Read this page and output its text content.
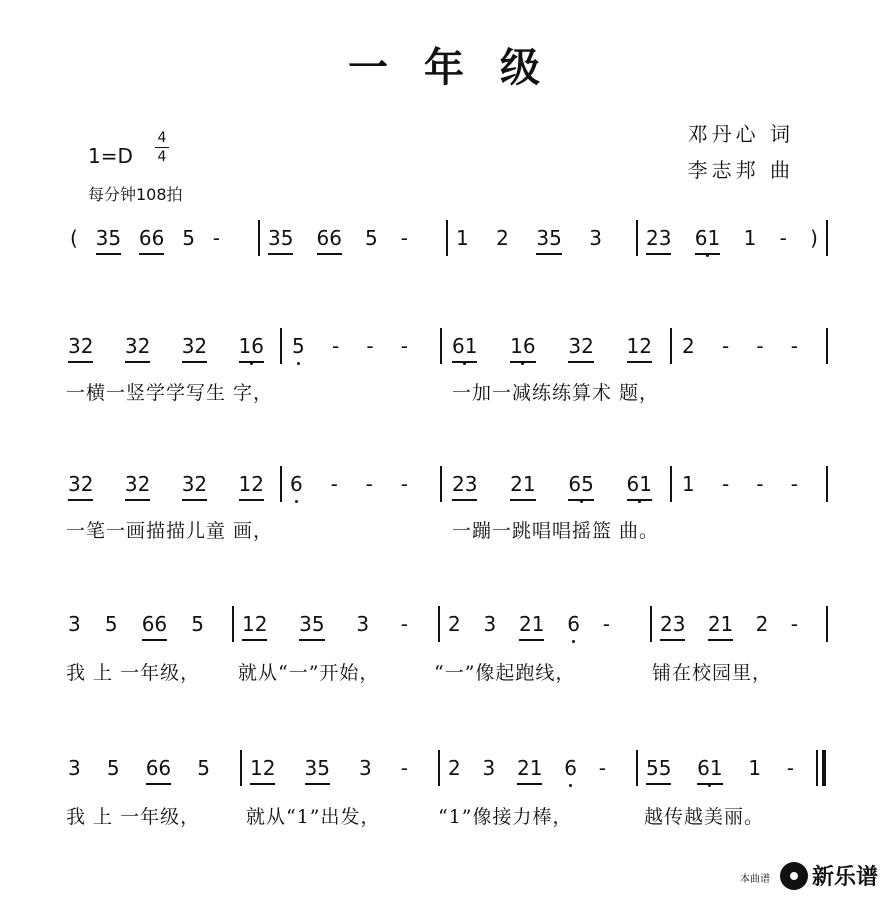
一年级
1=D
4
4
每分钟108拍
邓丹心 词
李志邦 曲
( 35 66 5 - 35 66 5 - 1 2 35 3 23 61 1 - )
32 32 32 16 5 - - - 61 16 32 12 2 - - -
一横一竖学学写生 字，	一加一减练练算术 题，
32 32 32 12 6 - - - 23 21 65 61 1 - - -
一笔一画描描儿童 画，	一蹦一跳唱唱摇篮 曲。
3 5 66 5 12 35 3 - 2 3 21 6 -	23 21 2 -
我 上 一年级， 就从“一”开始，	“一”像起跑线，	铺在校园里，
3 5 66 5 12 35 3 - 2 3 21 6 - 55 61 1 -
我 上 一年级， 就从“1”出发，	“1”像接力棒，	越传越美丽。
本曲谱 新乐谱
